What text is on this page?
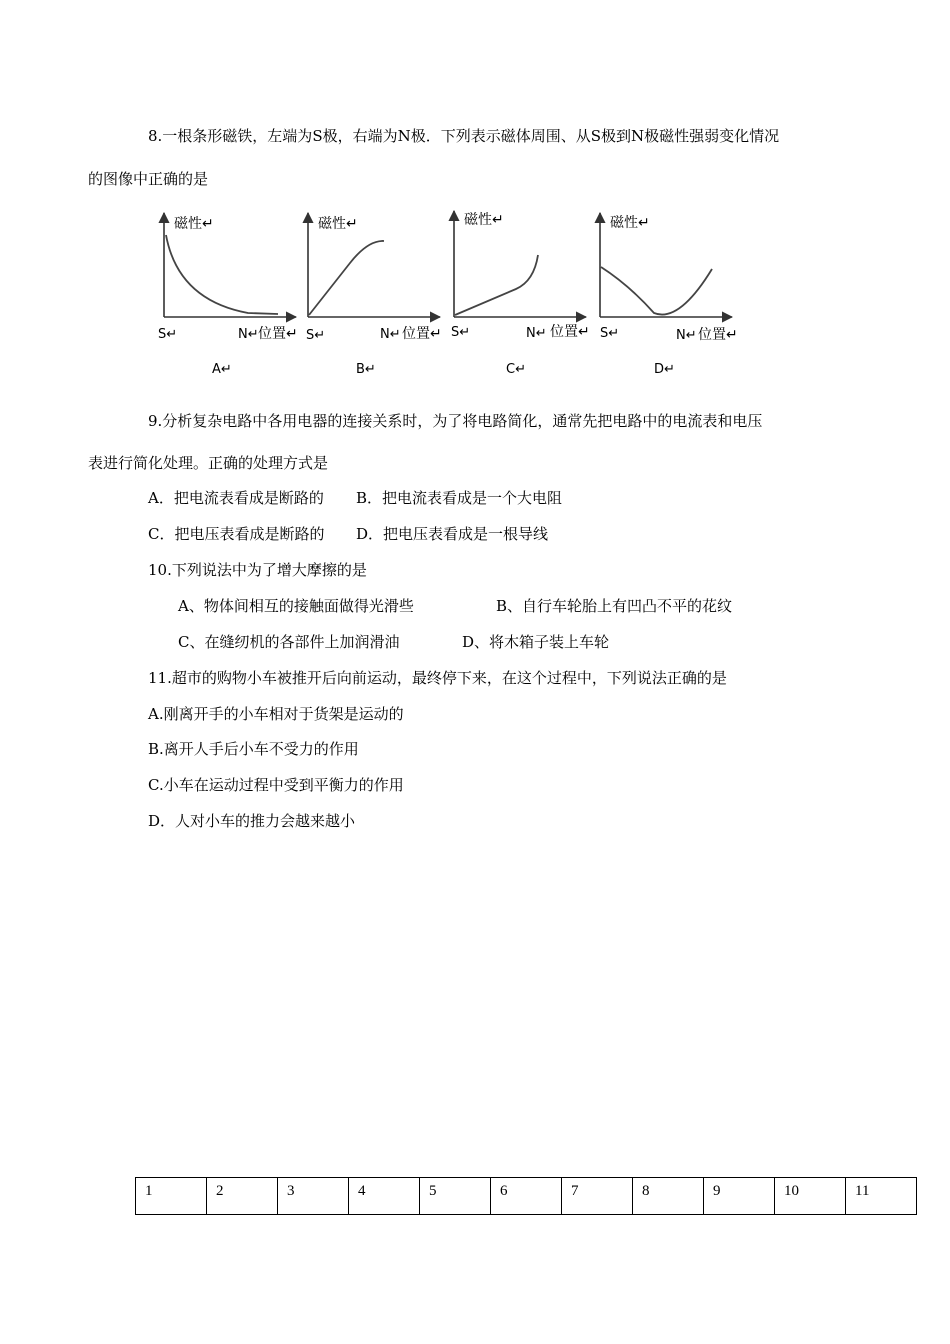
8.一根条形磁铁，左端为S极，右端为N极．下列表示磁体周围、从S极到N极磁性强弱变化情况
的图像中正确的是
磁性↵
S↵	N↵ 位置↵
A↵
磁性↵
S↵	N↵ 位置↵
B↵
磁性↵
S↵	N↵ 位置↵
C↵
磁性↵
S↵	N↵ 位置↵
D↵
9.分析复杂电路中各用电器的连接关系时，为了将电路简化，通常先把电路中的电流表和电压
表进行简化处理。正确的处理方式是
A．把电流表看成是断路的 B．把电流表看成是一个大电阻
C．把电压表看成是断路的 D．把电压表看成是一根导线
10.下列说法中为了增大摩擦的是
A、物体间相互的接触面做得光滑些	B、自行车轮胎上有凹凸不平的花纹
C、在缝纫机的各部件上加润滑油	D、将木箱子装上车轮
11.超市的购物小车被推开后向前运动，最终停下来，在这个过程中，下列说法正确的是
A.刚离开手的小车相对于货架是运动的
B.离开人手后小车不受力的作用
C.小车在运动过程中受到平衡力的作用
D．人对小车的推力会越来越小
1	2	3	4	5	6	7	8	9	10	11
